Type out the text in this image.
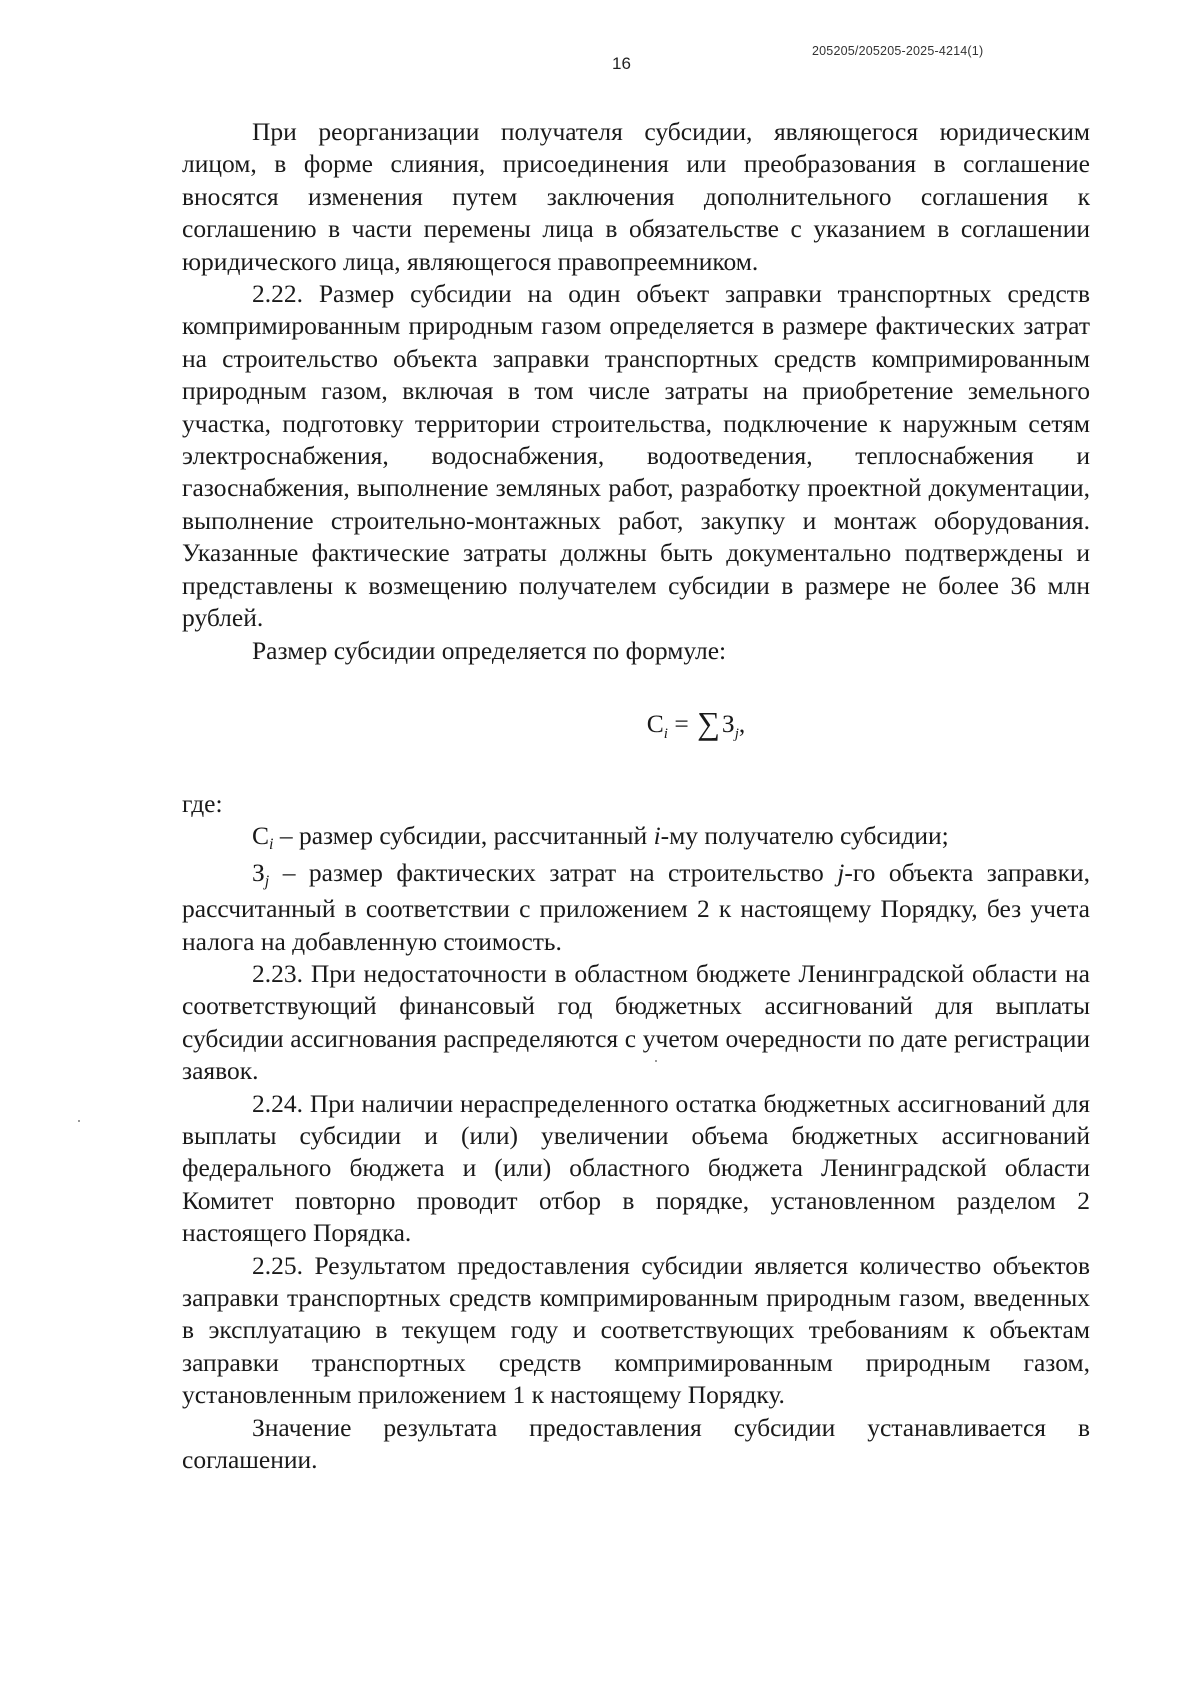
205205/205205-2025-4214(1)
16

При реорганизации получателя субсидии, являющегося юридическим лицом, в форме слияния, присоединения или преобразования в соглашение вносятся изменения путем заключения дополнительного соглашения к соглашению в части перемены лица в обязательстве с указанием в соглашении юридического лица, являющегося правопреемником.

2.22. Размер субсидии на один объект заправки транспортных средств компримированным природным газом определяется в размере фактических затрат на строительство объекта заправки транспортных средств компримированным природным газом, включая в том числе затраты на приобретение земельного участка, подготовку территории строительства, подключение к наружным сетям электроснабжения, водоснабжения, водоотведения, теплоснабжения и газоснабжения, выполнение земляных работ, разработку проектной документации, выполнение строительно-монтажных работ, закупку и монтаж оборудования. Указанные фактические затраты должны быть документально подтверждены и представлены к возмещению получателем субсидии в размере не более 36 млн рублей.

Размер субсидии определяется по формуле:

$С_i = \sum З_j$,

где:

Сi – размер субсидии, рассчитанный i-му получателю субсидии;

Зj – размер фактических затрат на строительство j-го объекта заправки, рассчитанный в соответствии с приложением 2 к настоящему Порядку, без учета налога на добавленную стоимость.

2.23. При недостаточности в областном бюджете Ленинградской области на соответствующий финансовый год бюджетных ассигнований для выплаты субсидии ассигнования распределяются с учетом очередности по дате регистрации заявок.

2.24. При наличии нераспределенного остатка бюджетных ассигнований для выплаты субсидии и (или) увеличении объема бюджетных ассигнований федерального бюджета и (или) областного бюджета Ленинградской области Комитет повторно проводит отбор в порядке, установленном разделом 2 настоящего Порядка.

2.25. Результатом предоставления субсидии является количество объектов заправки транспортных средств компримированным природным газом, введенных в эксплуатацию в текущем году и соответствующих требованиям к объектам заправки транспортных средств компримированным природным газом, установленным приложением 1 к настоящему Порядку.

Значение результата предоставления субсидии устанавливается в соглашении.
